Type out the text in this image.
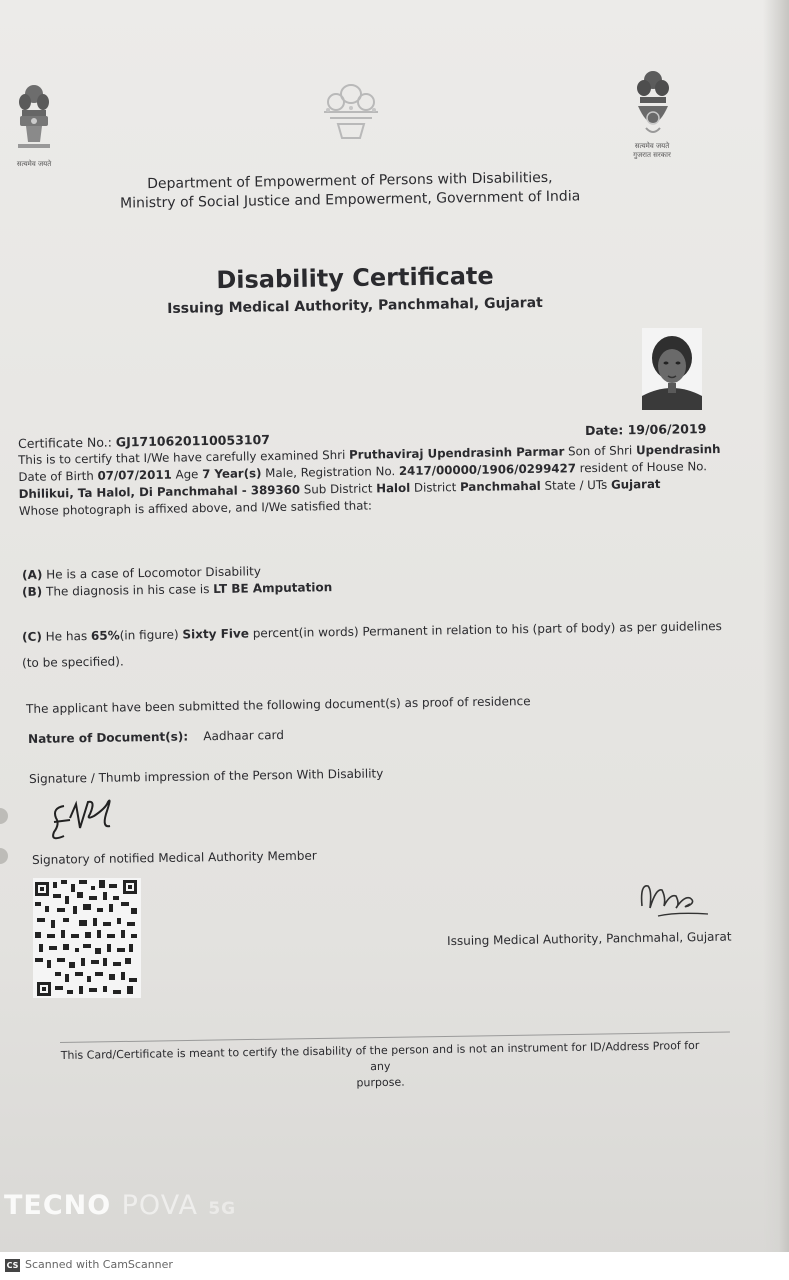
सत्यमेव जयते
सत्यमेव जयते
गुजरात सरकार
Department of Empowerment of Persons with Disabilities,
Ministry of Social Justice and Empowerment, Government of India
Disability Certificate
Issuing Medical Authority, Panchmahal, Gujarat
Date: 19/06/2019
Certificate No.: GJ1710620110053107
This is to certify that I/We have carefully examined Shri Pruthaviraj Upendrasinh Parmar Son of Shri Upendrasinh
Date of Birth 07/07/2011 Age 7 Year(s) Male, Registration No. 2417/00000/1906/0299427 resident of House No.
Dhilikui, Ta Halol, Di Panchmahal - 389360 Sub District Halol District Panchmahal State / UTs Gujarat
Whose photograph is affixed above, and I/We satisfied that:
(A) He is a case of Locomotor Disability
(B) The diagnosis in his case is LT BE Amputation
(C) He has 65%(in figure) Sixty Five percent(in words) Permanent in relation to his (part of body) as per guidelines
(to be specified).
The applicant have been submitted the following document(s) as proof of residence
Nature of Document(s): Aadhaar card
Signature / Thumb impression of the Person With Disability
Signatory of notified Medical Authority Member
Issuing Medical Authority, Panchmahal, Gujarat
This Card/Certificate is meant to certify the disability of the person and is not an instrument for ID/Address Proof for any
purpose.
TECNO POVA 5G
CS Scanned with CamScanner
